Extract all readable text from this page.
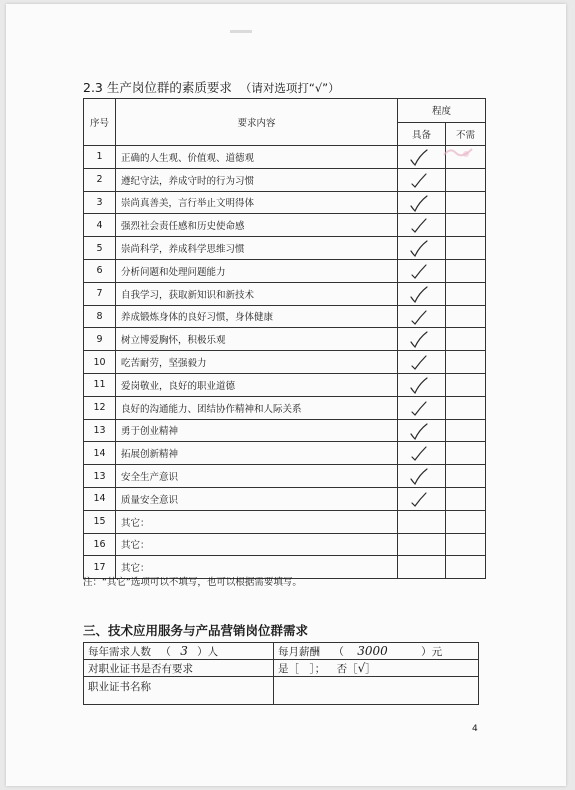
2.3 生产岗位群的素质要求 （请对选项打“√”）
序号	要求内容	程度	
		具备	不需
1	正确的人生观、价值观、道德观	

2	遵纪守法，养成守时的行为习惯	

3	崇尚真善美，言行举止文明得体	

4	强烈社会责任感和历史使命感	

5	崇尚科学，养成科学思维习惯	

6	分析问题和处理问题能力	

7	自我学习，获取新知识和新技术	

8	养成锻炼身体的良好习惯，身体健康	

9	树立博爱胸怀，积极乐观	

10	吃苦耐劳，坚强毅力	

11	爱岗敬业，良好的职业道德	

12	良好的沟通能力、团结协作精神和人际关系	

13	勇于创业精神	

14	拓展创新精神	

13	安全生产意识	

14	质量安全意识	

15	其它：		
16	其它：		
17	其它：		
注：“其它”选项可以不填写，也可以根据需要填写。
三、技术应用服务与产品营销岗位群需求
每年需求人数 （ 3 ）人	每月薪酬 （ 3000 ）元
对职业证书是否有要求	是［　］； 否［√］
职业证书名称	
4
